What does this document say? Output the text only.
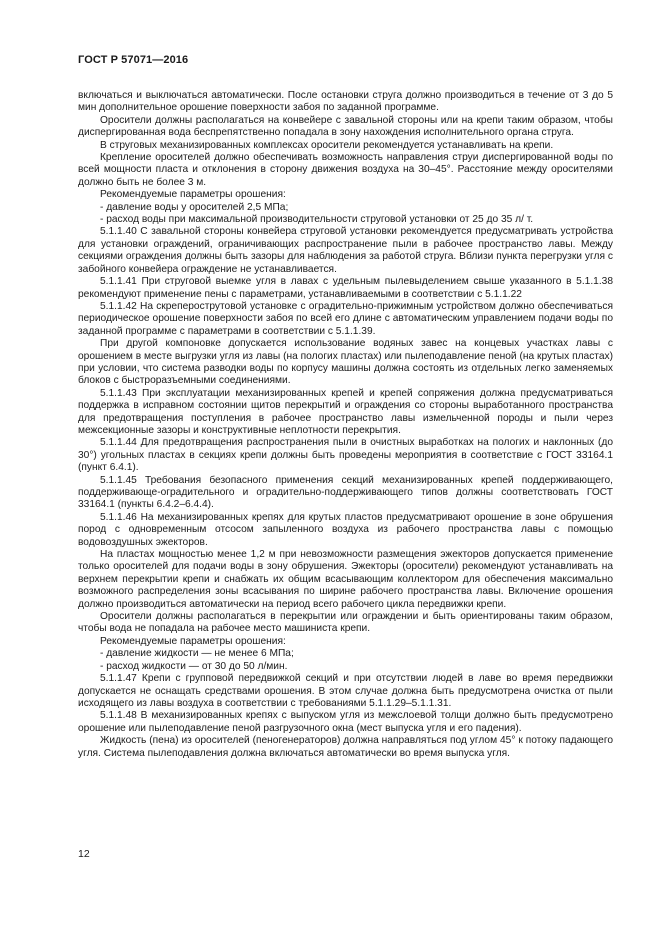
ГОСТ Р 57071—2016

включаться и выключаться автоматически. После остановки струга должно производиться в течение от 3 до 5 мин дополнительное орошение поверхности забоя по заданной программе.

Оросители должны располагаться на конвейере с завальной стороны или на крепи таким образом, чтобы диспергированная вода беспрепятственно попадала в зону нахождения исполнительного органа струга.

В струговых механизированных комплексах оросители рекомендуется устанавливать на крепи.

Крепление оросителей должно обеспечивать возможность направления струи диспергированной воды по всей мощности пласта и отклонения в сторону движения воздуха на 30–45°. Расстояние между оросителями должно быть не более 3 м.

Рекомендуемые параметры орошения:

- давление воды у оросителей 2,5 МПа;

- расход воды при максимальной производительности струговой установки от 25 до 35 л/ т.

5.1.1.40 С завальной стороны конвейера струговой установки рекомендуется предусматривать устройства для установки ограждений, ограничивающих распространение пыли в рабочее пространство лавы. Между секциями ограждения должны быть зазоры для наблюдения за работой струга. Вблизи пункта перегрузки угля с забойного конвейера ограждение не устанавливается.

5.1.1.41 При струговой выемке угля в лавах с удельным пылевыделением свыше указанного в 5.1.1.38 рекомендуют применение пены с параметрами, устанавливаемыми в соответствии с 5.1.1.22

5.1.1.42 На скреперострутовой установке с оградительно-прижимным устройством должно обеспечиваться периодическое орошение поверхности забоя по всей его длине с автоматическим управлением подачи воды по заданной программе с параметрами в соответствии с 5.1.1.39.

При другой компоновке допускается использование водяных завес на концевых участках лавы с орошением в месте выгрузки угля из лавы (на пологих пластах) или пылеподавление пеной (на крутых пластах) при условии, что система разводки воды по корпусу машины должна состоять из отдельных легко заменяемых блоков с быстроразъемными соединениями.

5.1.1.43 При эксплуатации механизированных крепей и крепей сопряжения должна предусматриваться поддержка в исправном состоянии щитов перекрытий и ограждения со стороны выработанного пространства для предотвращения поступления в рабочее пространство лавы измельченной породы и пыли через межсекционные зазоры и конструктивные неплотности перекрытия.

5.1.1.44 Для предотвращения распространения пыли в очистных выработках на пологих и наклонных (до 30°) угольных пластах в секциях крепи должны быть проведены мероприятия в соответствие с ГОСТ 33164.1 (пункт 6.4.1).

5.1.1.45 Требования безопасного применения секций механизированных крепей поддерживающего, поддерживающе-оградительного и оградительно-поддерживающего типов должны соответствовать ГОСТ 33164.1 (пункты 6.4.2–6.4.4).

5.1.1.46 На механизированных крепях для крутых пластов предусматривают орошение в зоне обрушения пород с одновременным отсосом запыленного воздуха из рабочего пространства лавы с помощью водовоздушных эжекторов.

На пластах мощностью менее 1,2 м при невозможности размещения эжекторов допускается применение только оросителей для подачи воды в зону обрушения. Эжекторы (оросители) рекомендуют устанавливать на верхнем перекрытии крепи и снабжать их общим всасывающим коллектором для обеспечения максимально возможного распределения зоны всасывания по ширине рабочего пространства лавы. Включение орошения должно производиться автоматически на период всего рабочего цикла передвижки крепи.

Оросители должны располагаться в перекрытии или ограждении и быть ориентированы таким образом, чтобы вода не попадала на рабочее место машиниста крепи.

Рекомендуемые параметры орошения:

- давление жидкости — не менее 6 МПа;

- расход жидкости — от 30 до 50 л/мин.

5.1.1.47 Крепи с групповой передвижкой секций и при отсутствии людей в лаве во время передвижки допускается не оснащать средствами орошения. В этом случае должна быть предусмотрена очистка от пыли исходящего из лавы воздуха в соответствии с требованиями 5.1.1.29–5.1.1.31.

5.1.1.48 В механизированных крепях с выпуском угля из межслоевой толщи должно быть предусмотрено орошение или пылеподавление пеной разгрузочного окна (мест выпуска угля и его падения).

Жидкость (пена) из оросителей (пеногенераторов) должна направляться под углом 45° к потоку падающего угля. Система пылеподавления должна включаться автоматически во время выпуска угля.

12
